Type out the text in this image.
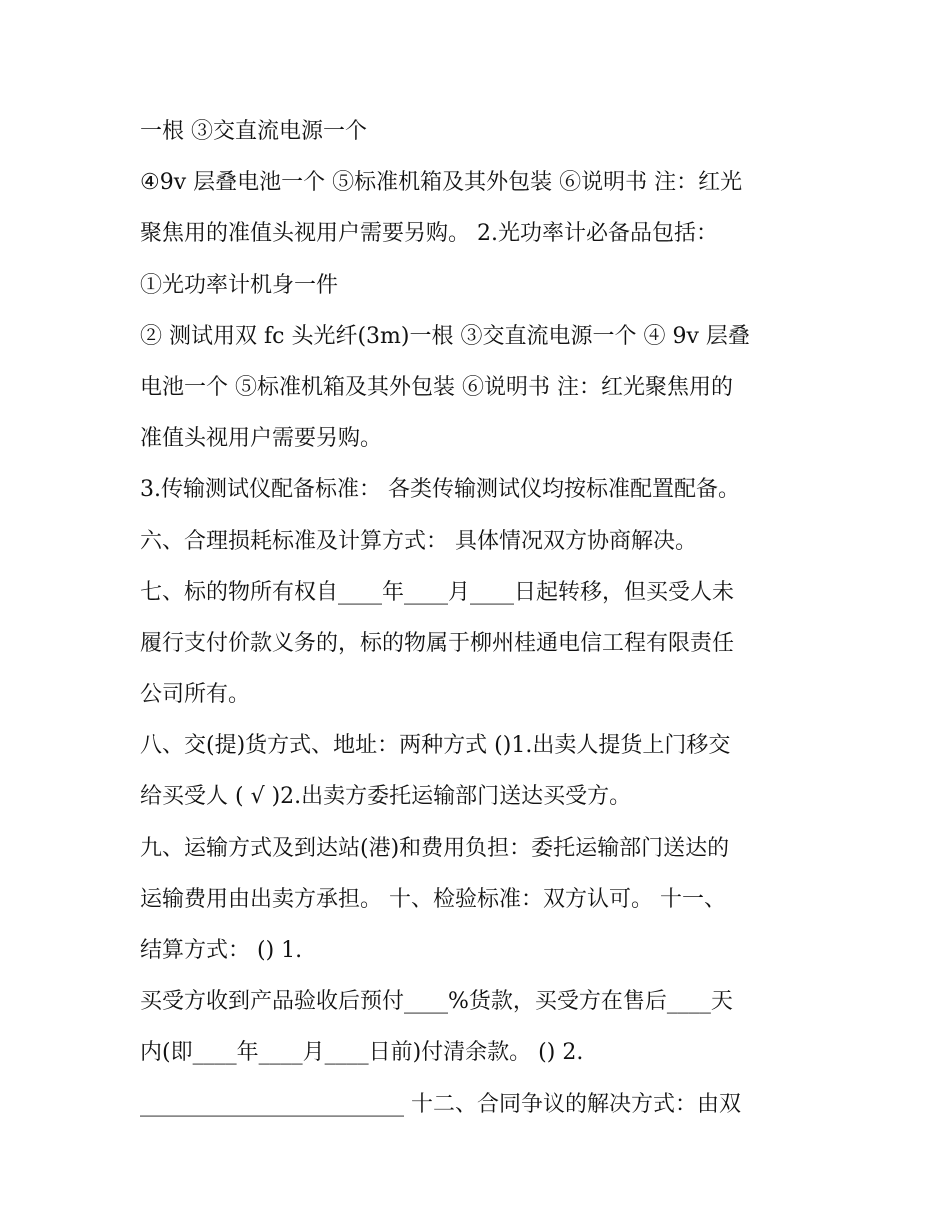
一根 ③交直流电源一个
④9v 层叠电池一个 ⑤标准机箱及其外包装 ⑥说明书 注：红光
聚焦用的准值头视用户需要另购。 2.光功率计必备品包括：
①光功率计机身一件
② 测试用双 fc 头光纤(3m)一根 ③交直流电源一个 ④ 9v 层叠
电池一个 ⑤标准机箱及其外包装 ⑥说明书 注：红光聚焦用的
准值头视用户需要另购。
3.传输测试仪配备标准： 各类传输测试仪均按标准配置配备。
六、合理损耗标准及计算方式： 具体情况双方协商解决。
七、标的物所有权自____年____月____日起转移，但买受人未
履行支付价款义务的，标的物属于柳州桂通电信工程有限责任
公司所有。
八、交(提)货方式、地址：两种方式 ()1.出卖人提货上门移交
给买受人 ( √ )2.出卖方委托运输部门送达买受方。
九、运输方式及到达站(港)和费用负担：委托运输部门送达的
运输费用由出卖方承担。 十、检验标准：双方认可。 十一、
结算方式： () 1.
买受方收到产品验收后预付____%货款，买受方在售后____天
内(即____年____月____日前)付清余款。 () 2.
________________________ 十二、合同争议的解决方式：由双
